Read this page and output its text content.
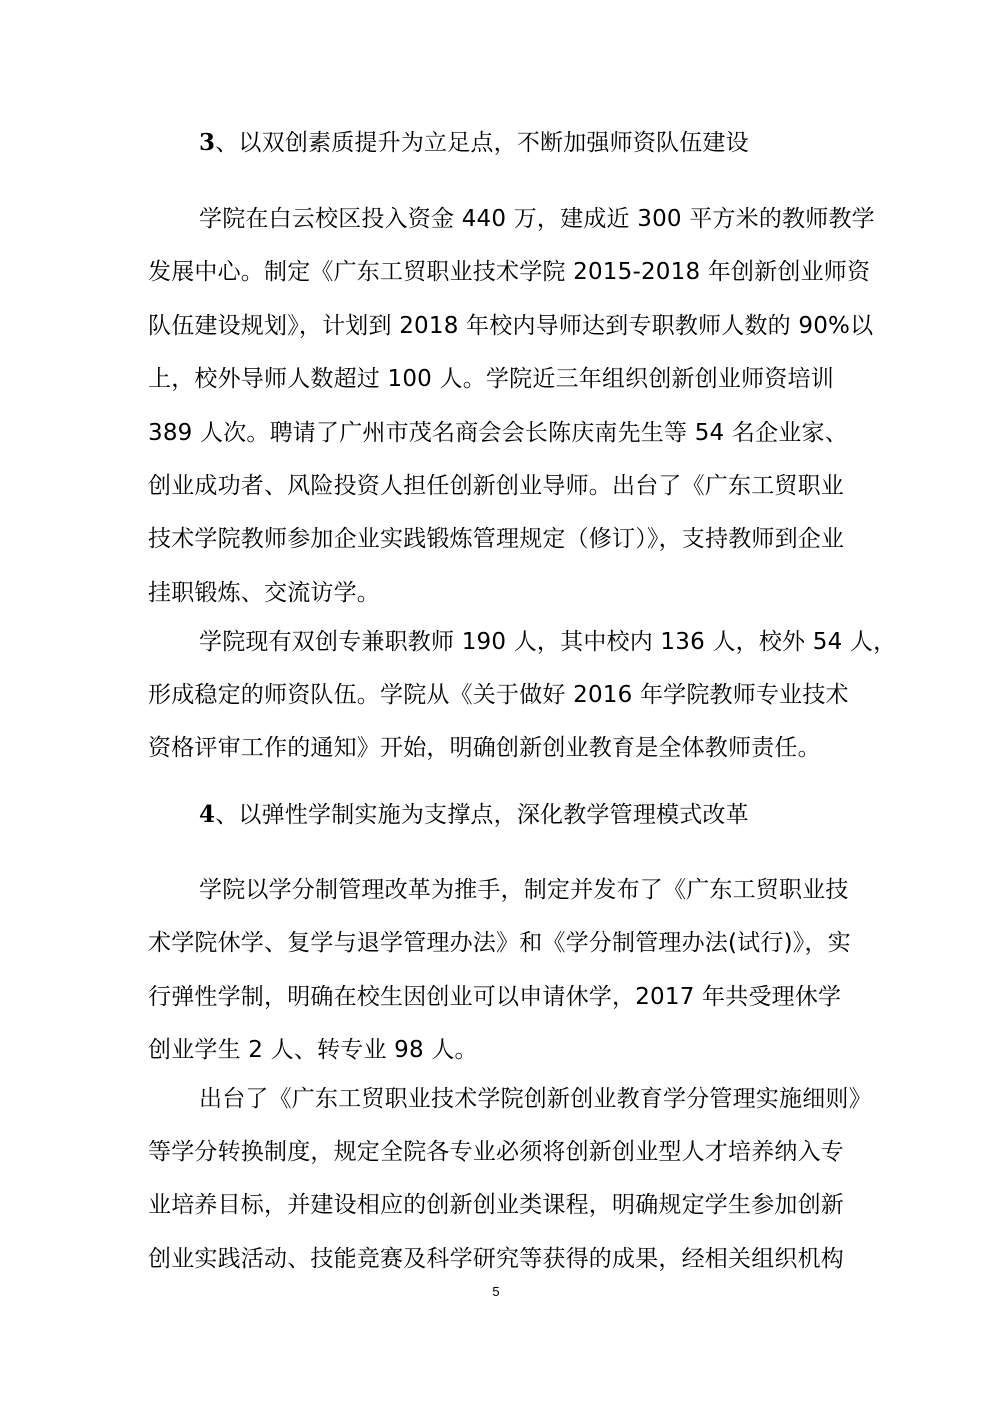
3、以双创素质提升为立足点，不断加强师资队伍建设
学院在白云校区投入资金 440 万，建成近 300 平方米的教师教学
发展中心。制定《广东工贸职业技术学院 2015-2018 年创新创业师资
队伍建设规划》，计划到 2018 年校内导师达到专职教师人数的 90%以
上，校外导师人数超过 100 人。学院近三年组织创新创业师资培训
389 人次。聘请了广州市茂名商会会长陈庆南先生等 54 名企业家、
创业成功者、风险投资人担任创新创业导师。出台了《广东工贸职业
技术学院教师参加企业实践锻炼管理规定（修订）》，支持教师到企业
挂职锻炼、交流访学。
学院现有双创专兼职教师 190 人，其中校内 136 人，校外 54 人，
形成稳定的师资队伍。学院从《关于做好 2016 年学院教师专业技术
资格评审工作的通知》开始，明确创新创业教育是全体教师责任。
4、以弹性学制实施为支撑点，深化教学管理模式改革
学院以学分制管理改革为推手，制定并发布了《广东工贸职业技
术学院休学、复学与退学管理办法》和《学分制管理办法(试行)》，实
行弹性学制，明确在校生因创业可以申请休学，2017 年共受理休学
创业学生 2 人、转专业 98 人。
出台了《广东工贸职业技术学院创新创业教育学分管理实施细则》
等学分转换制度，规定全院各专业必须将创新创业型人才培养纳入专
业培养目标，并建设相应的创新创业类课程，明确规定学生参加创新
创业实践活动、技能竞赛及科学研究等获得的成果，经相关组织机构
5
